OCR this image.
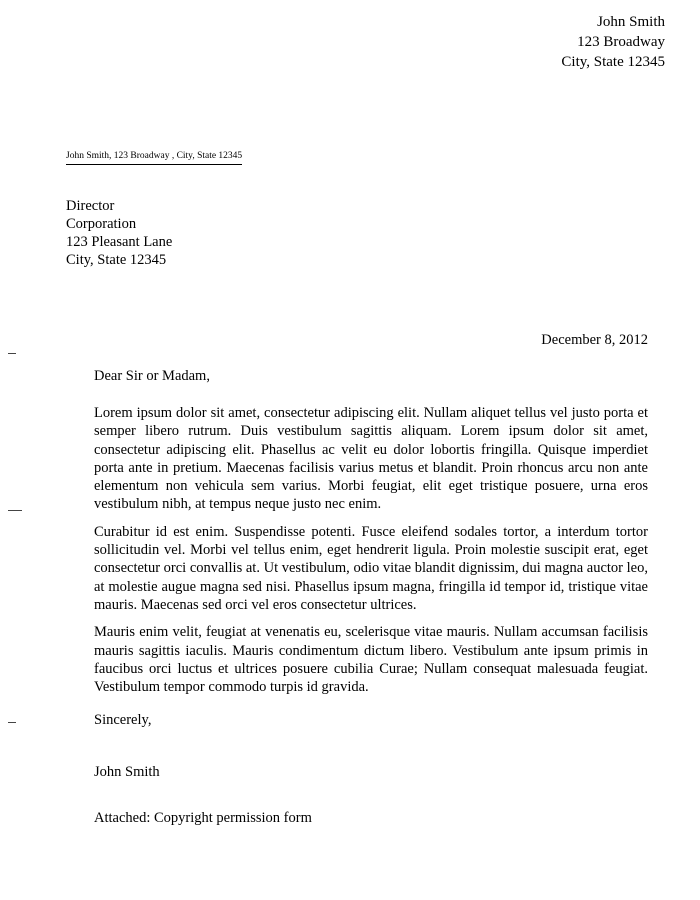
John Smith
123 Broadway
City, State 12345
John Smith, 123 Broadway , City, State 12345
Director
Corporation
123 Pleasant Lane
City, State 12345
December 8, 2012
Dear Sir or Madam,

Lorem ipsum dolor sit amet, consectetur adipiscing elit. Nullam aliquet tellus vel justo porta et semper libero rutrum. Duis vestibulum sagittis aliquam. Lorem ipsum dolor sit amet, consectetur adipiscing elit. Phasellus ac velit eu dolor lobortis fringilla. Quisque imperdiet porta ante in pretium. Maecenas facilisis varius metus et blandit. Proin rhoncus arcu non ante elementum non vehicula sem varius. Morbi feugiat, elit eget tristique posuere, urna eros vestibulum nibh, at tempus neque justo nec enim.

Curabitur id est enim. Suspendisse potenti. Fusce eleifend sodales tortor, a interdum tortor sollicitudin vel. Morbi vel tellus enim, eget hendrerit ligula. Proin molestie suscipit erat, eget consectetur orci convallis at. Ut vestibulum, odio vitae blandit dignissim, dui magna auctor leo, at molestie augue magna sed nisi. Phasellus ipsum magna, fringilla id tempor id, tristique vitae mauris. Maecenas sed orci vel eros consectetur ultrices.

Mauris enim velit, feugiat at venenatis eu, scelerisque vitae mauris. Nullam accumsan facilisis mauris sagittis iaculis. Mauris condimentum dictum libero. Vestibulum ante ipsum primis in faucibus orci luctus et ultrices posuere cubilia Curae; Nullam consequat malesuada feugiat. Vestibulum tempor commodo turpis id gravida.

Sincerely,
John Smith
Attached: Copyright permission form
